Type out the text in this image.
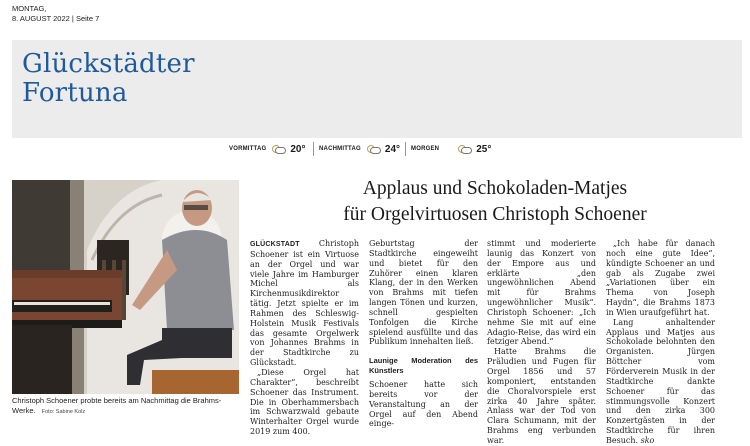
MONTAG,
8. AUGUST 2022 | Seite 7
Glückstädter
Fortuna
VORMITTAG 20° NACHMITTAG 24° MORGEN	25°
Christoph Schoener probte bereits am Nachmittag die Brahms-Werke. Foto: Sabine Kolz
Applaus und Schokoladen-Matjes
für Orgelvirtuosen Christoph Schoener

GLÜCKSTADT Christoph Schoener ist ein Virtuose an der Orgel und war viele Jahre im Hamburger Michel als Kirchenmusikdirektor tätig. Jetzt spielte er im Rahmen des Schleswig-Holstein Musik Festivals das gesamte Orgelwerk von Johannes Brahms in der Stadtkirche zu Glückstadt.

„Diese Orgel hat Charakter“, beschreibt Schoener das Instrument. Die in Oberhammersbach im Schwarzwald gebaute Winterhalter Orgel wurde 2019 zum 400.

Geburtstag der Stadtkirche eingeweiht und bietet für den Zuhörer einen klaren Klang, der in den Werken von Brahms mit tiefen langen Tönen und kurzen, schnell gespielten Tonfolgen die Kirche spielend ausfüllte und das Publikum innehalten ließ.

Launige Moderation des Künstlers

Schoener hatte sich bereits vor der Veranstaltung an der Orgel auf den Abend einge-

stimmt und moderierte launig das Konzert von der Empore aus und erklärte „den ungewöhnlichen Abend mit für Brahms ungewöhnlicher Musik“. Christoph Schoener: „Ich nehme Sie mit auf eine Adagio-Reise, das wird ein fetziger Abend.“

Hatte Brahms die Präludien und Fugen für Orgel 1856 und 57 komponiert, entstanden die Choralvorspiele erst zirka 40 Jahre später. Anlass war der Tod von Clara Schumann, mit der Brahms eng verbunden war.

„Ich habe für danach noch eine gute Idee“, kündigte Schoener an und gab als Zugabe zwei „Variationen über ein Thema von Joseph Haydn“, die Brahms 1873 in Wien uraufgeführt hat.

Lang anhaltender Applaus und Matjes aus Schokolade belohnten den Organisten. Jürgen Böttcher vom Förderverein Musik in der Stadtkirche dankte Schoener für das stimmungsvolle Konzert und den zirka 300 Konzertgästen in der Stadtkirche für ihren Besuch. sko
